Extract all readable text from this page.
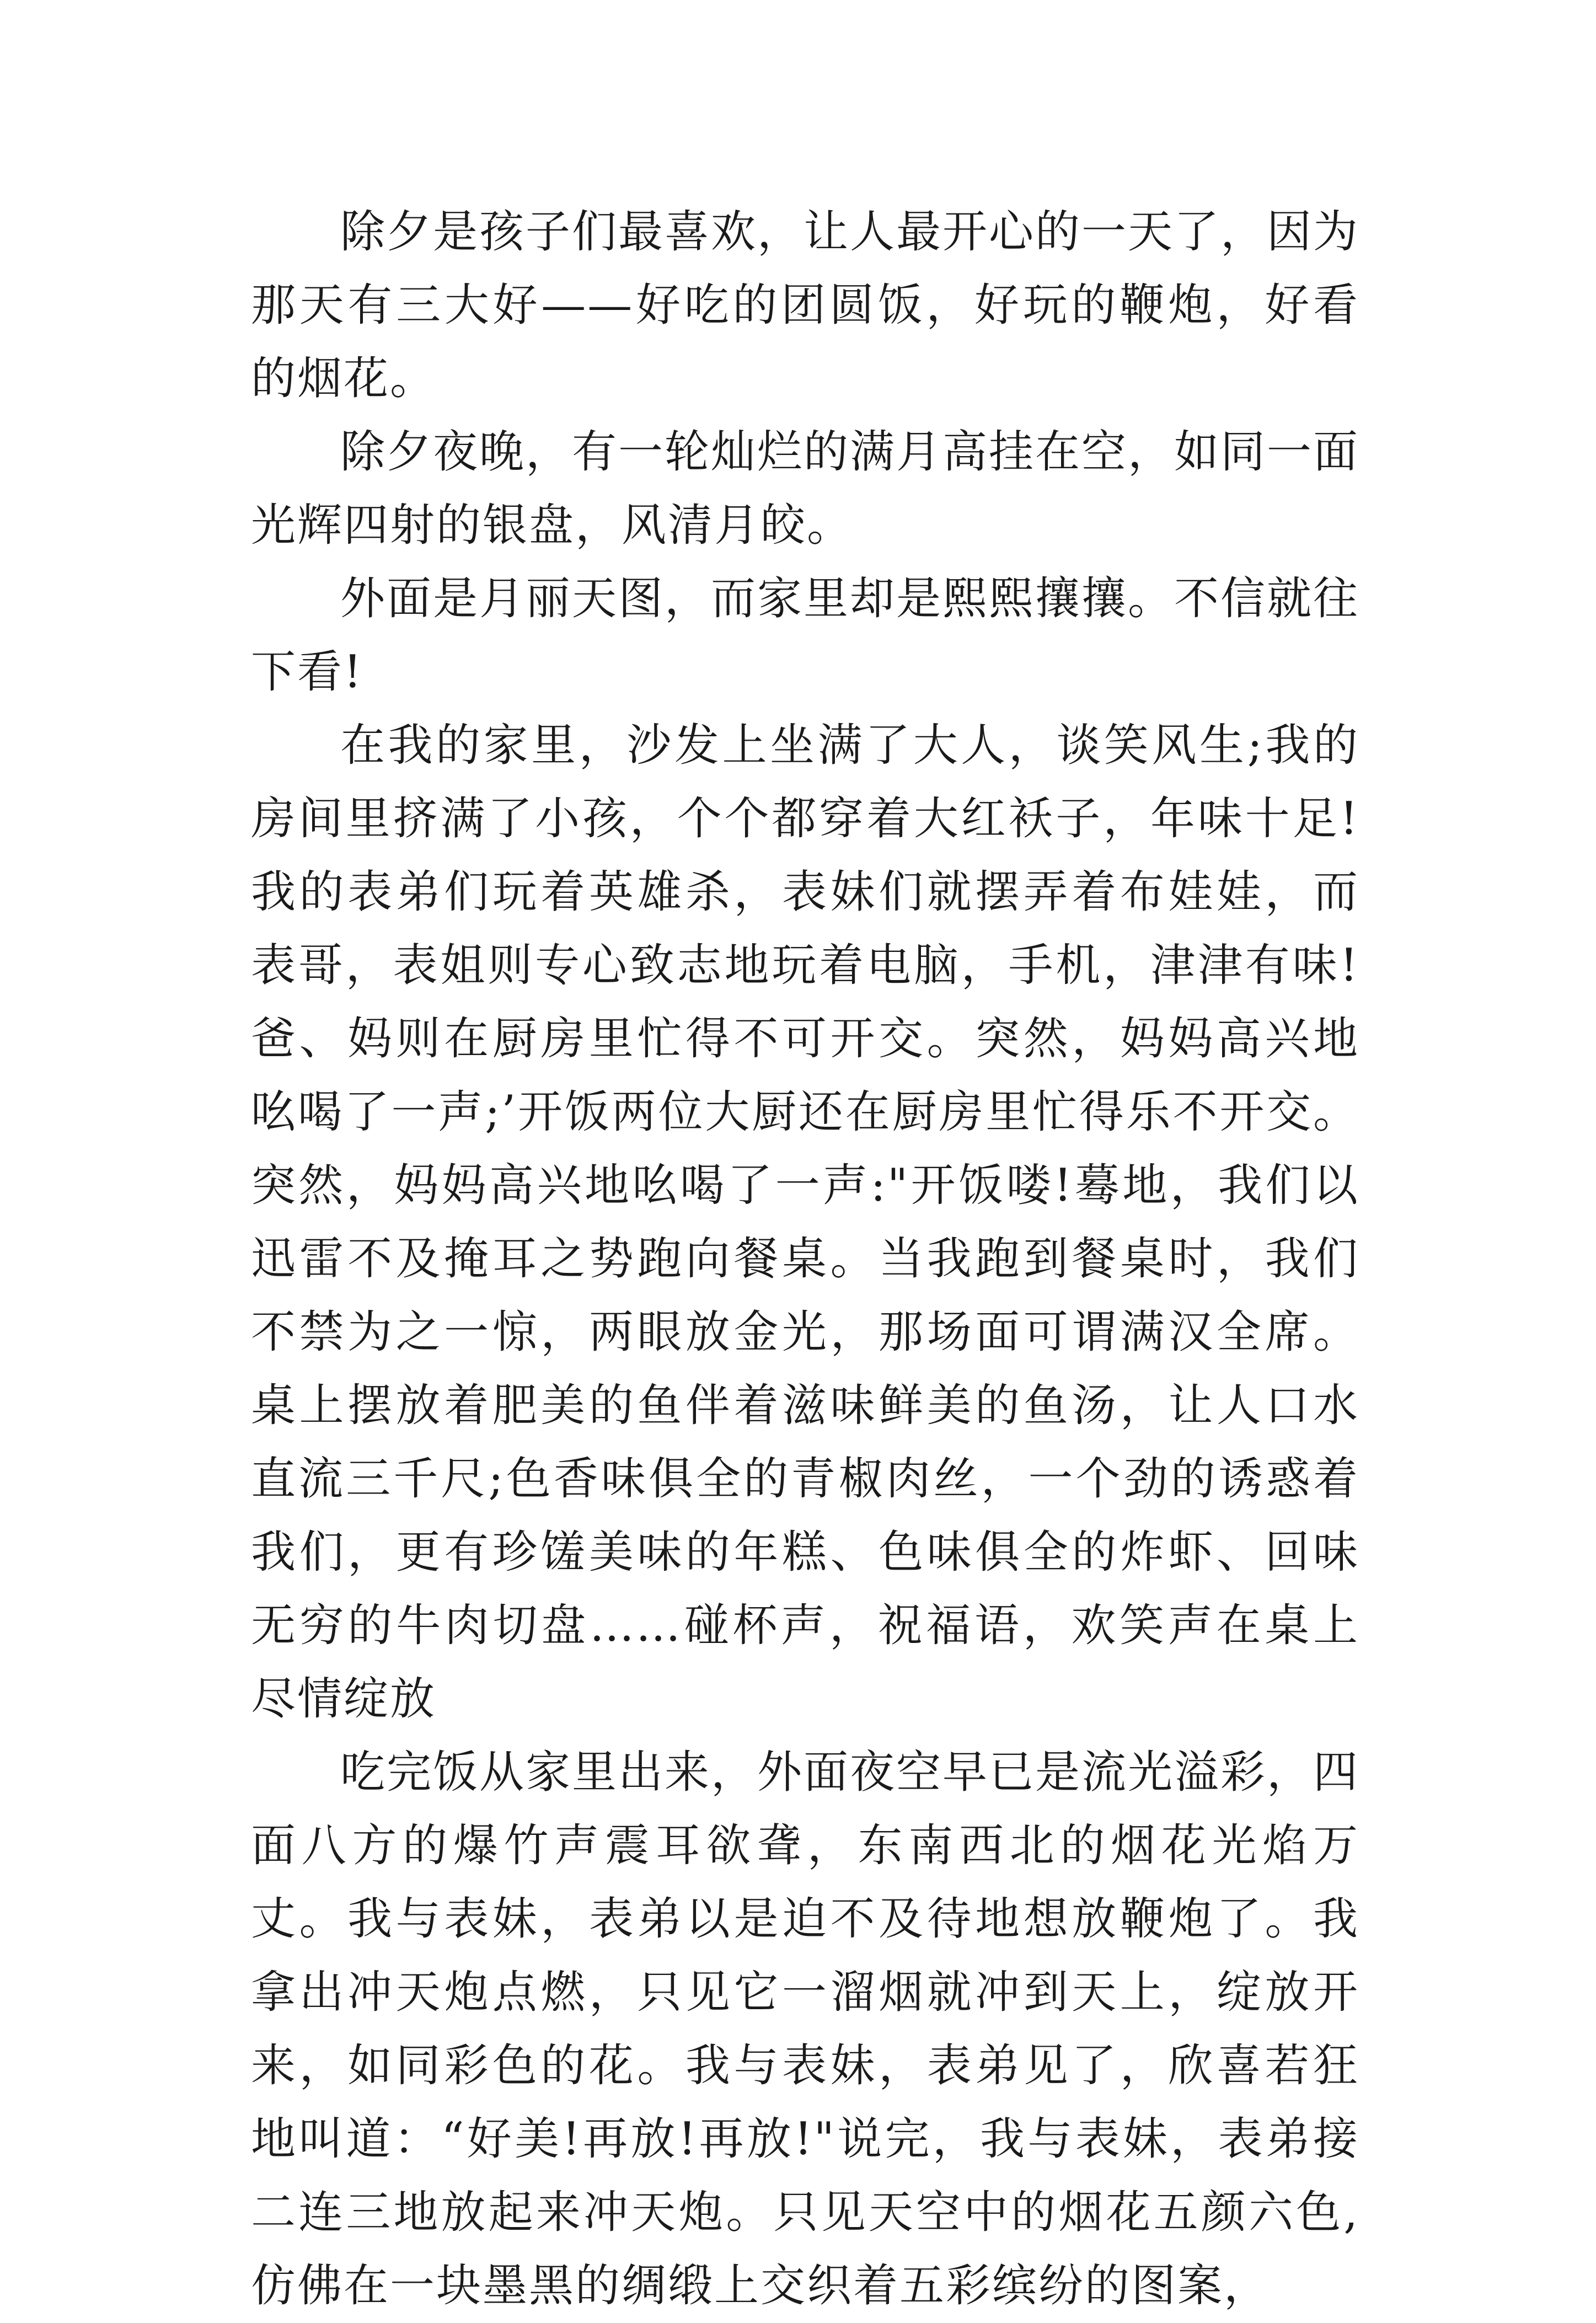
除夕是孩子们最喜欢，让人最开心的一天了，因为那天有三大好——好吃的团圆饭，好玩的鞭炮，好看的烟花。

除夕夜晚，有一轮灿烂的满月高挂在空，如同一面光辉四射的银盘，风清月皎。

外面是月丽天图，而家里却是熙熙攘攘。不信就往下看!

在我的家里，沙发上坐满了大人，谈笑风生;我的房间里挤满了小孩，个个都穿着大红袄子，年味十足!我的表弟们玩着英雄杀，表妹们就摆弄着布娃娃，而表哥，表姐则专心致志地玩着电脑，手机，津津有味!爸、妈则在厨房里忙得不可开交。突然，妈妈高兴地吆喝了一声;’开饭两位大厨还在厨房里忙得乐不开交。突然，妈妈高兴地吆喝了一声:"开饭喽!蓦地，我们以迅雷不及掩耳之势跑向餐桌。当我跑到餐桌时，我们不禁为之一惊，两眼放金光，那场面可谓满汉全席。桌上摆放着肥美的鱼伴着滋味鲜美的鱼汤，让人口水直流三千尺;色香味俱全的青椒肉丝，一个劲的诱惑着我们，更有珍馐美味的年糕、色味俱全的炸虾、回味无穷的牛肉切盘……碰杯声，祝福语，欢笑声在桌上尽情绽放

吃完饭从家里出来，外面夜空早已是流光溢彩，四面八方的爆竹声震耳欲聋，东南西北的烟花光焰万丈。我与表妹，表弟以是迫不及待地想放鞭炮了。我拿出冲天炮点燃，只见它一溜烟就冲到天上，绽放开来，如同彩色的花。我与表妹，表弟见了，欣喜若狂地叫道：“好美!再放!再放!"说完，我与表妹，表弟接二连三地放起来冲天炮。只见天空中的烟花五颜六色,仿佛在一块墨黑的绸缎上交织着五彩缤纷的图案，
